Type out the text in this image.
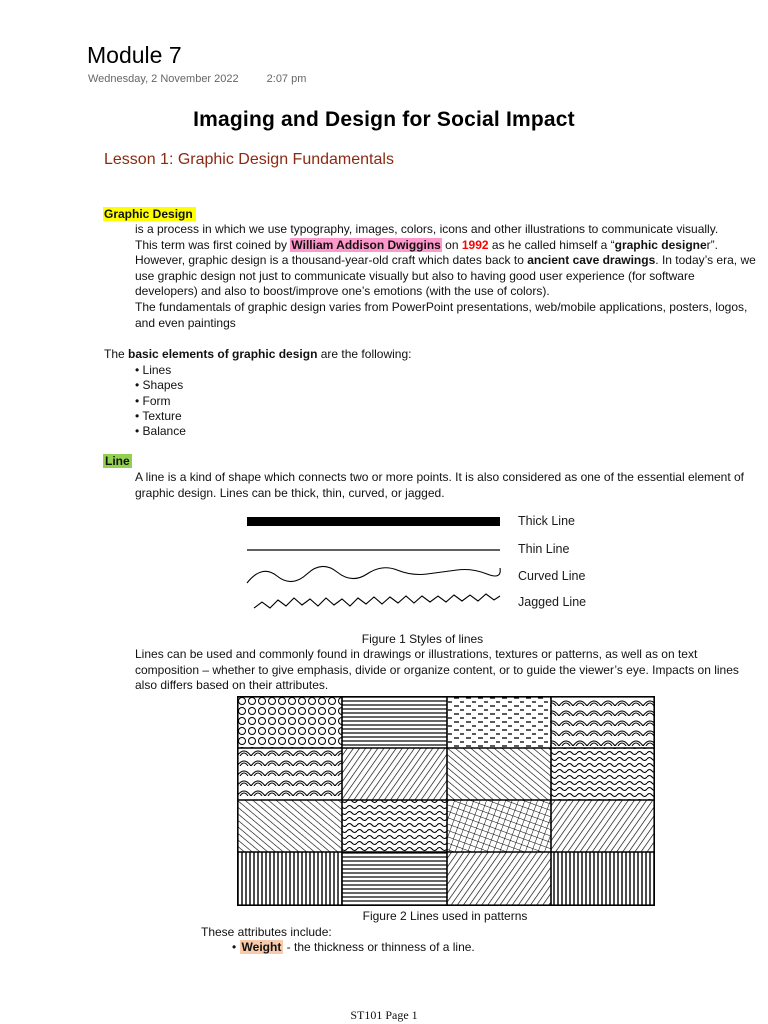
Module 7
Wednesday, 2 November 2022	2:07 pm
Imaging and Design for Social Impact
Lesson 1: Graphic Design Fundamentals
Graphic Design
is a process in which we use typography, images, colors, icons and other illustrations to communicate visually.
This term was first coined by William Addison Dwiggins on 1992 as he called himself a “graphic designer”.
However, graphic design is a thousand-year-old craft which dates back to ancient cave drawings. In today’s era, we use graphic design not just to communicate visually but also to having good user experience (for software developers) and also to boost/improve one’s emotions (with the use of colors).
The fundamentals of graphic design varies from PowerPoint presentations, web/mobile applications, posters, logos, and even paintings
The basic elements of graphic design are the following:
• Lines
• Shapes
• Form
• Texture
• Balance
Line
A line is a kind of shape which connects two or more points. It is also considered as one of the essential element of graphic design. Lines can be thick, thin, curved, or jagged.
Thick Line
Thin Line
Curved Line
Jagged Line
Figure 1 Styles of lines
Lines can be used and commonly found in drawings or illustrations, textures or patterns, as well as on text composition – whether to give emphasis, divide or organize content, or to guide the viewer’s eye. Impacts on lines also differs based on their attributes.
Figure 2 Lines used in patterns
These attributes include:
• Weight - the thickness or thinness of a line.
ST101 Page 1
